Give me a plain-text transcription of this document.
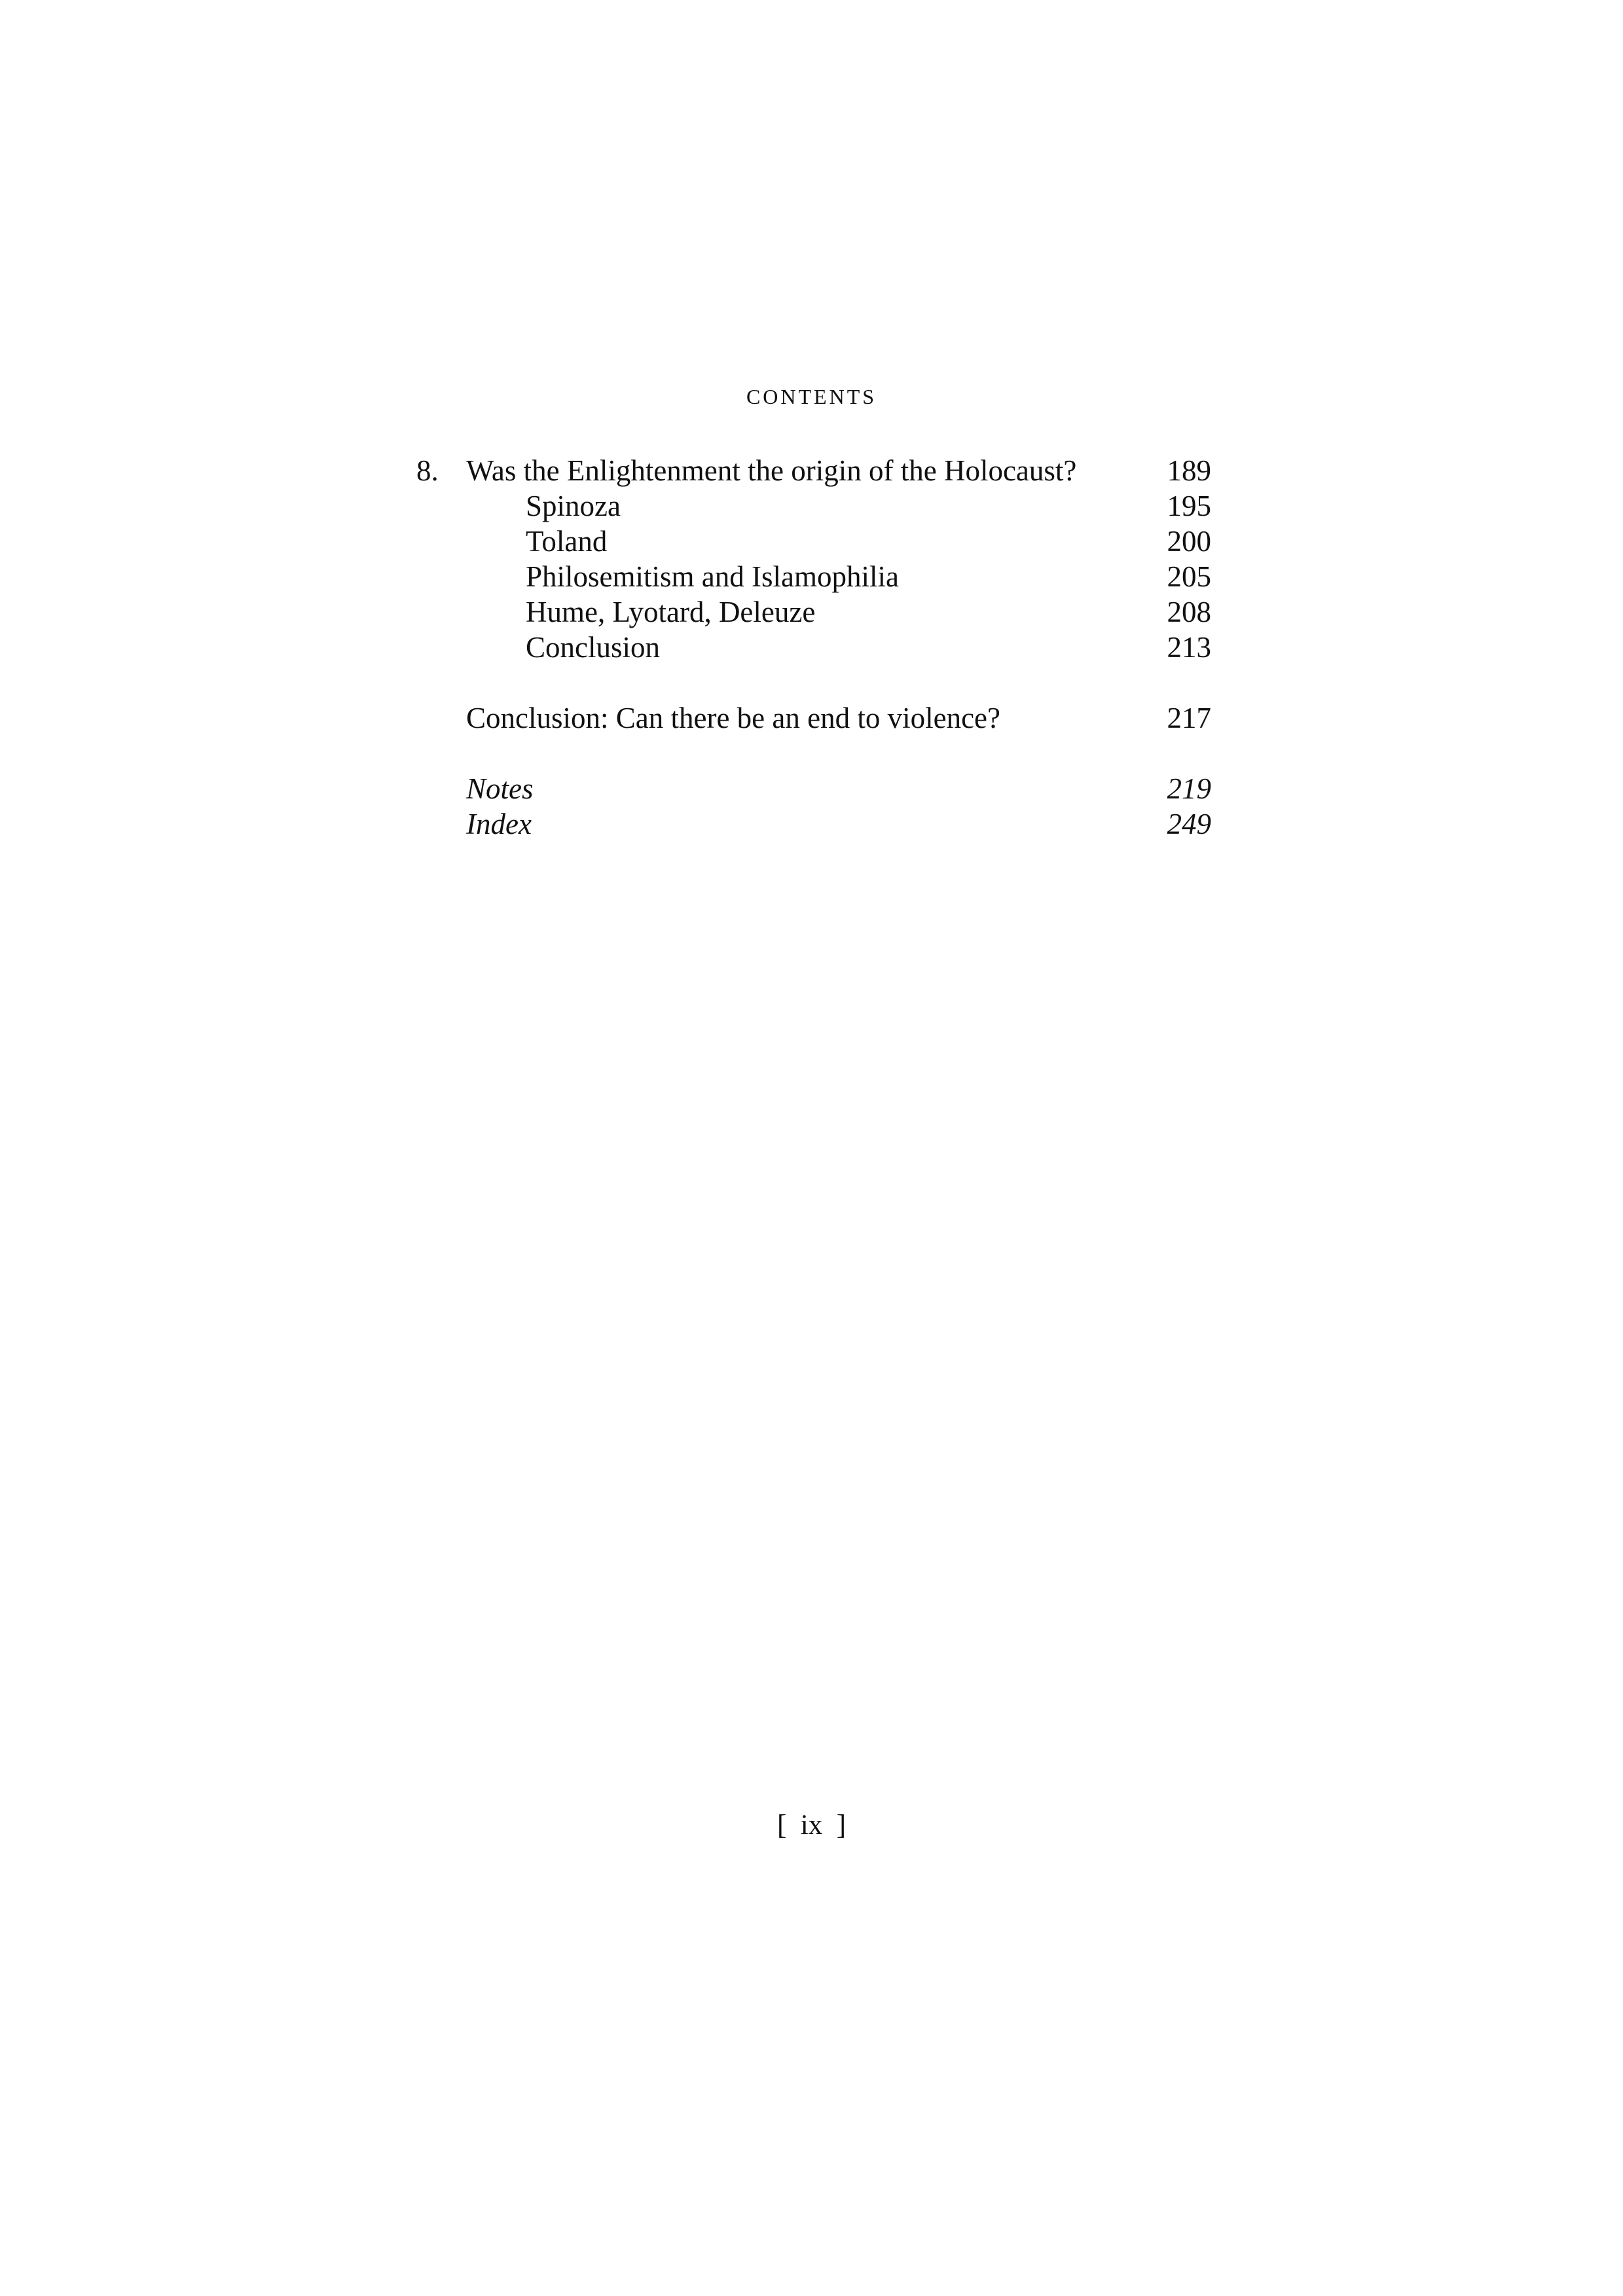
CONTENTS
8. Was the Enlightenment the origin of the Holocaust?	189
Spinoza	195
Toland	200
Philosemitism and Islamophilia	205
Hume, Lyotard, Deleuze	208
Conclusion	213
Conclusion: Can there be an end to violence?	217
Notes	219
Index	249
[  ix  ]
